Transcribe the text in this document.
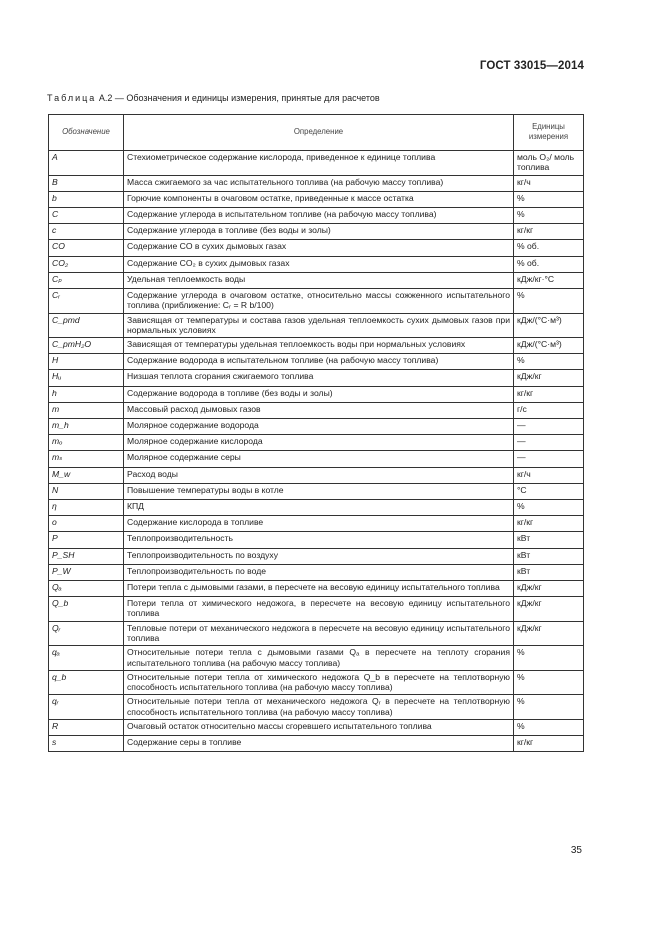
ГОСТ 33015—2014
Таблица А.2 — Обозначения и единицы измерения, принятые для расчетов
Обозначение	Определение	Единицы измерения
A	Стехиометрическое содержание кислорода, приведенное к единице топлива	моль O₂/ моль топлива
B	Масса сжигаемого за час испытательного топлива (на рабочую массу топлива)	кг/ч
b	Горючие компоненты в очаговом остатке, приведенные к массе остатка	%
C	Содержание углерода в испытательном топливе (на рабочую массу топлива)	%
c	Содержание углерода в топливе (без воды и золы)	кг/кг
CO	Содержание CO в сухих дымовых газах	% об.
CO₂	Содержание CO₂ в сухих дымовых газах	% об.
Cₚ	Удельная теплоемкость воды	кДж/кг·°C
Cᵣ	Содержание углерода в очаговом остатке, относительно массы сожженного испытательного топлива (приближение: Cᵣ = R b/100)	%
C_pmd	Зависящая от температуры и состава газов удельная теплоемкость сухих дымовых газов при нормальных условиях	кДж/(°C·м³)
C_pmH₂O	Зависящая от температуры удельная теплоемкость воды при нормальных условиях	кДж/(°C·м³)
H	Содержание водорода в испытательном топливе (на рабочую массу топлива)	%
Hᵤ	Низшая теплота сгорания сжигаемого топлива	кДж/кг
h	Содержание водорода в топливе (без воды и золы)	кг/кг
m	Массовый расход дымовых газов	г/с
m_h	Молярное содержание водорода	—
mₒ	Молярное содержание кислорода	—
mₛ	Молярное содержание серы	—
M_w	Расход воды	кг/ч
N	Повышение температуры воды в котле	°C
η	КПД	%
o	Содержание кислорода в топливе	кг/кг
P	Теплопроизводительность	кВт
P_SH	Теплопроизводительность по воздуху	кВт
P_W	Теплопроизводительность по воде	кВт
Qₐ	Потери тепла с дымовыми газами, в пересчете на весовую единицу испытательного топлива	кДж/кг
Q_b	Потери тепла от химического недожога, в пересчете на весовую единицу испытательного топлива	кДж/кг
Qᵣ	Тепловые потери от механического недожога в пересчете на весовую единицу испытательного топлива	кДж/кг
qₐ	Относительные потери тепла с дымовыми газами Qₐ в пересчете на теплоту сгорания испытательного топлива (на рабочую массу топлива)	%
q_b	Относительные потери тепла от химического недожога Q_b в пересчете на теплотворную способность испытательного топлива (на рабочую массу топлива)	%
qᵣ	Относительные потери тепла от механического недожога Qᵣ в пересчете на теплотворную способность испытательного топлива (на рабочую массу топлива)	%
R	Очаговый остаток относительно массы сгоревшего испытательного топлива	%
s	Содержание серы в топливе	кг/кг
35
